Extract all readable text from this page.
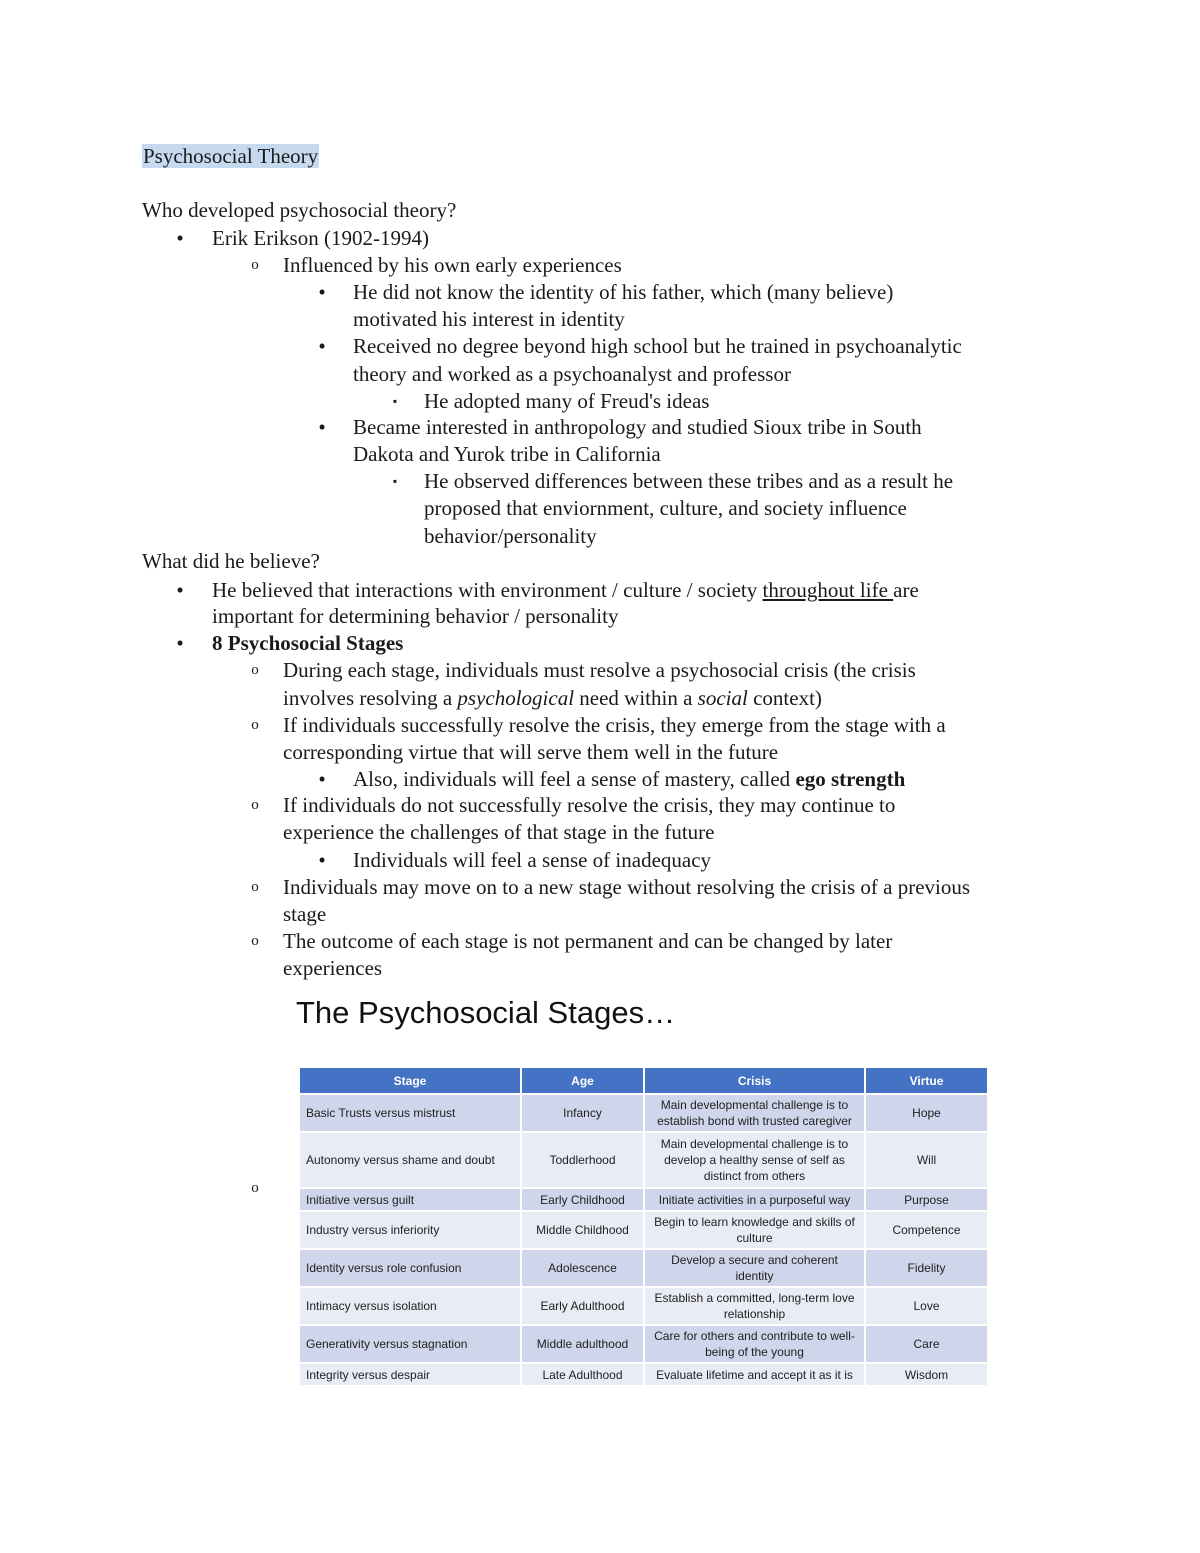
Psychosocial Theory
Who developed psychosocial theory?
•
Erik Erikson (1902-1994)
o
Influenced by his own early experiences
•
He did not know the identity of his father, which (many believe)
motivated his interest in identity
•
Received no degree beyond high school but he trained in psychoanalytic
theory and worked as a psychoanalyst and professor
▪
He adopted many of Freud's ideas
•
Became interested in anthropology and studied Sioux tribe in South
Dakota and Yurok tribe in California
▪
He observed differences between these tribes and as a result he
proposed that enviornment, culture, and society influence
behavior/personality
What did he believe?
•
He believed that interactions with environment / culture / society throughout life are
important for determining behavior / personality
•
8 Psychosocial Stages
o
During each stage, individuals must resolve a psychosocial crisis (the crisis
involves resolving a psychological need within a social context)
o
If individuals successfully resolve the crisis, they emerge from the stage with a
corresponding virtue that will serve them well in the future
•
Also, individuals will feel a sense of mastery, called ego strength
o
If individuals do not successfully resolve the crisis, they may continue to
experience the challenges of that stage in the future
•
Individuals will feel a sense of inadequacy
o
Individuals may move on to a new stage without resolving the crisis of a previous
stage
o
The outcome of each stage is not permanent and can be changed by later
experiences
o
The Psychosocial Stages…
Stage	Age	Crisis	Virtue
Basic Trusts versus mistrust	Infancy	Main developmental challenge is to establish bond with trusted caregiver	Hope
Autonomy versus shame and doubt	Toddlerhood	Main developmental challenge is to develop a healthy sense of self as distinct from others	Will
Initiative versus guilt	Early Childhood	Initiate activities in a purposeful way	Purpose
Industry versus inferiority	Middle Childhood	Begin to learn knowledge and skills of culture	Competence
Identity versus role confusion	Adolescence	Develop a secure and coherent identity	Fidelity
Intimacy versus isolation	Early Adulthood	Establish a committed, long-term love relationship	Love
Generativity versus stagnation	Middle adulthood	Care for others and contribute to well-being of the young	Care
Integrity versus despair	Late Adulthood	Evaluate lifetime and accept it as it is	Wisdom
